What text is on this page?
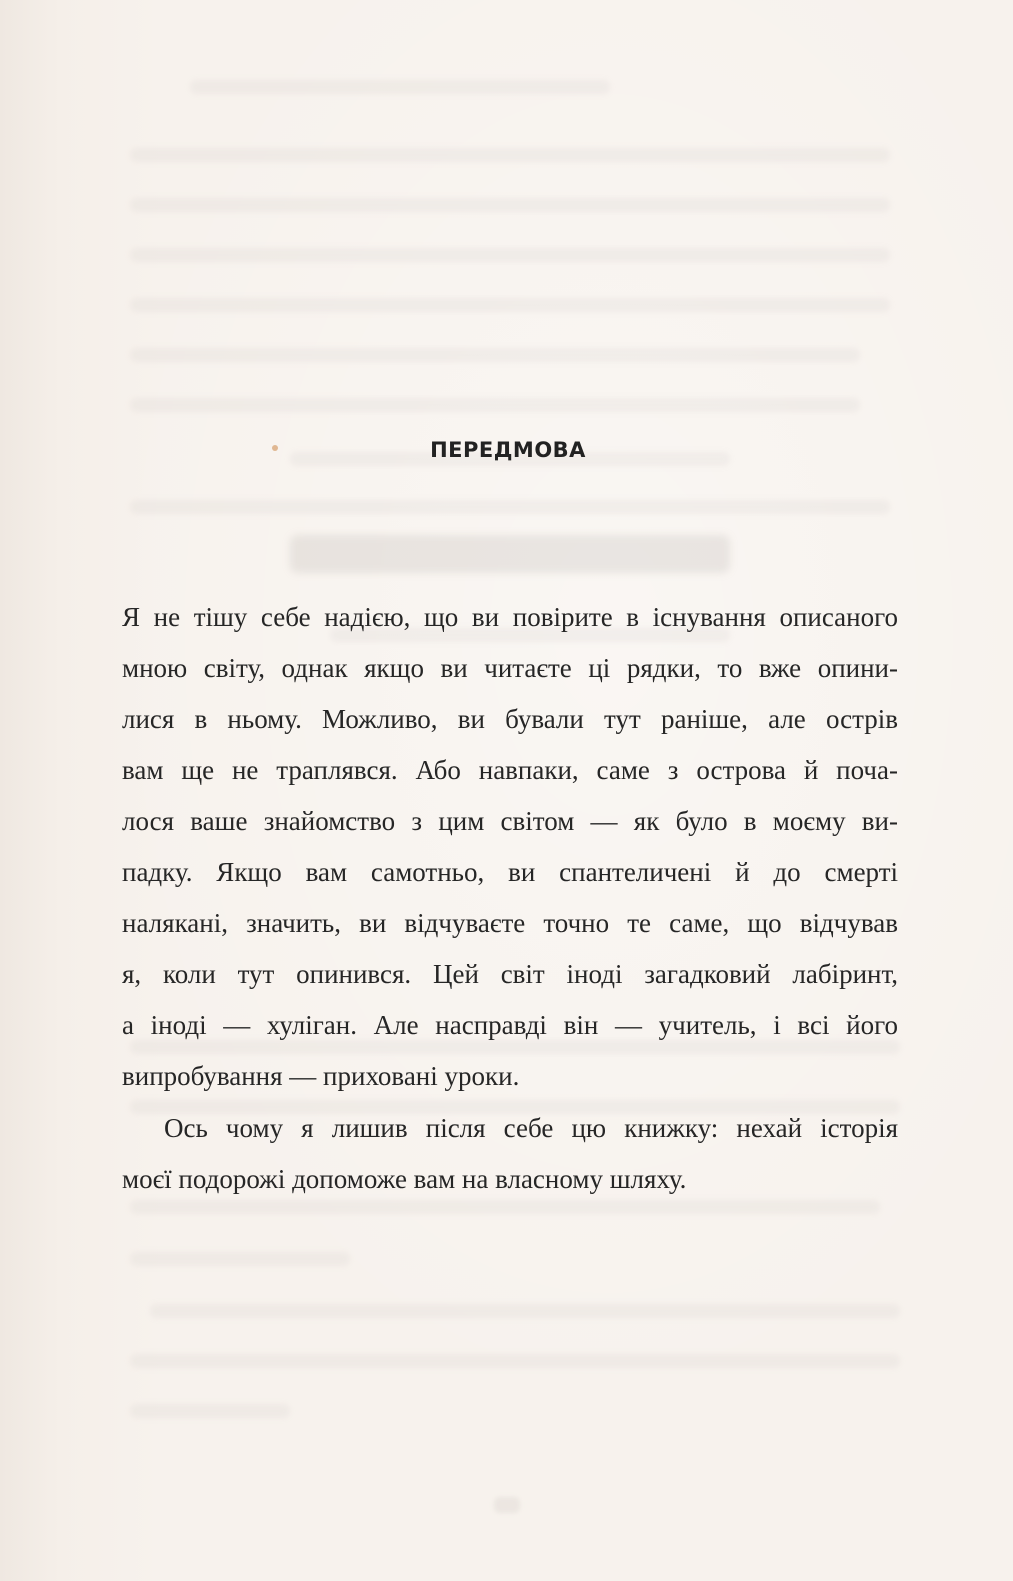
ПЕРЕДМОВА
Я не тішу себе надією, що ви повірите в існування описаного
мною світу, однак якщо ви читаєте ці рядки, то вже опини-
лися в ньому. Можливо, ви бували тут раніше, але острів
вам ще не траплявся. Або навпаки, саме з острова й поча-
лося ваше знайомство з цим світом — як було в моєму ви-
падку. Якщо вам самотньо, ви спантеличені й до смерті
налякані, значить, ви відчуваєте точно те саме, що відчував
я, коли тут опинився. Цей світ іноді загадковий лабіринт,
а іноді — хуліган. Але насправді він — учитель, і всі його
випробування — приховані уроки.
Ось чому я лишив після себе цю книжку: нехай історія
моєї подорожі допоможе вам на власному шляху.
